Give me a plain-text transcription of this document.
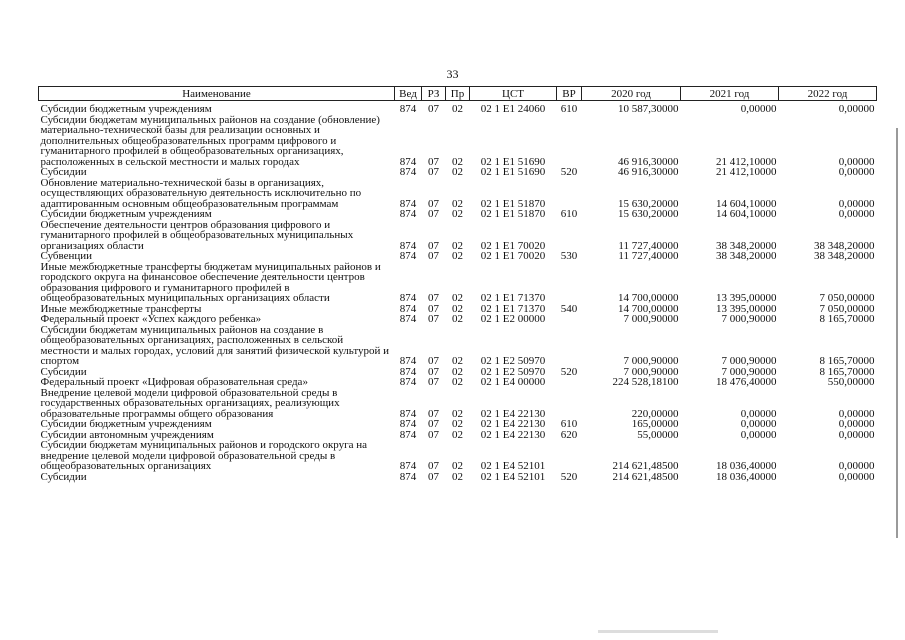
33
Наименование	Вед	РЗ	Пр	ЦСТ	ВР	2020 год	2021 год	2022 год

Субсидии бюджетным учреждениям	874	07	02	02 1 E1 24060	610	10 587,30000	0,00000	0,00000
Субсидии бюджетам муниципальных районов на создание (обновление) материально-технической базы для реализации основных и дополнительных общеобразовательных программ цифрового и гуманитарного профилей в общеобразовательных организациях, расположенных в сельской местности и малых городах	874	07	02	02 1 E1 51690		46 916,30000	21 412,10000	0,00000
Субсидии	874	07	02	02 1 E1 51690	520	46 916,30000	21 412,10000	0,00000
Обновление материально-технической базы в организациях, осуществляющих образовательную деятельность исключительно по адаптированным основным общеобразовательным программам	874	07	02	02 1 E1 51870		15 630,20000	14 604,10000	0,00000
Субсидии бюджетным учреждениям	874	07	02	02 1 E1 51870	610	15 630,20000	14 604,10000	0,00000
Обеспечение деятельности центров образования цифрового и гуманитарного профилей в общеобразовательных муниципальных организациях области	874	07	02	02 1 E1 70020		11 727,40000	38 348,20000	38 348,20000
Субвенции	874	07	02	02 1 E1 70020	530	11 727,40000	38 348,20000	38 348,20000
Иные межбюджетные трансферты бюджетам муниципальных районов и городского округа на финансовое обеспечение деятельности центров образования цифрового и гуманитарного профилей в общеобразовательных муниципальных организациях области	874	07	02	02 1 E1 71370		14 700,00000	13 395,00000	7 050,00000
Иные межбюджетные трансферты	874	07	02	02 1 E1 71370	540	14 700,00000	13 395,00000	7 050,00000
Федеральный проект «Успех каждого ребенка»	874	07	02	02 1 E2 00000		7 000,90000	7 000,90000	8 165,70000
Субсидии бюджетам муниципальных районов на создание в общеобразовательных организациях, расположенных в сельской местности и малых городах, условий для занятий физической культурой и спортом	874	07	02	02 1 E2 50970		7 000,90000	7 000,90000	8 165,70000
Субсидии	874	07	02	02 1 E2 50970	520	7 000,90000	7 000,90000	8 165,70000
Федеральный проект «Цифровая образовательная среда»	874	07	02	02 1 E4 00000		224 528,18100	18 476,40000	550,00000
Внедрение целевой модели цифровой образовательной среды в государственных образовательных организациях, реализующих образовательные программы общего образования	874	07	02	02 1 E4 22130		220,00000	0,00000	0,00000
Субсидии бюджетным учреждениям	874	07	02	02 1 E4 22130	610	165,00000	0,00000	0,00000
Субсидии автономным учреждениям	874	07	02	02 1 E4 22130	620	55,00000	0,00000	0,00000
Субсидии бюджетам муниципальных районов и городского округа на внедрение целевой модели цифровой образовательной среды в общеобразовательных организациях	874	07	02	02 1 E4 52101		214 621,48500	18 036,40000	0,00000
Субсидии	874	07	02	02 1 E4 52101	520	214 621,48500	18 036,40000	0,00000
